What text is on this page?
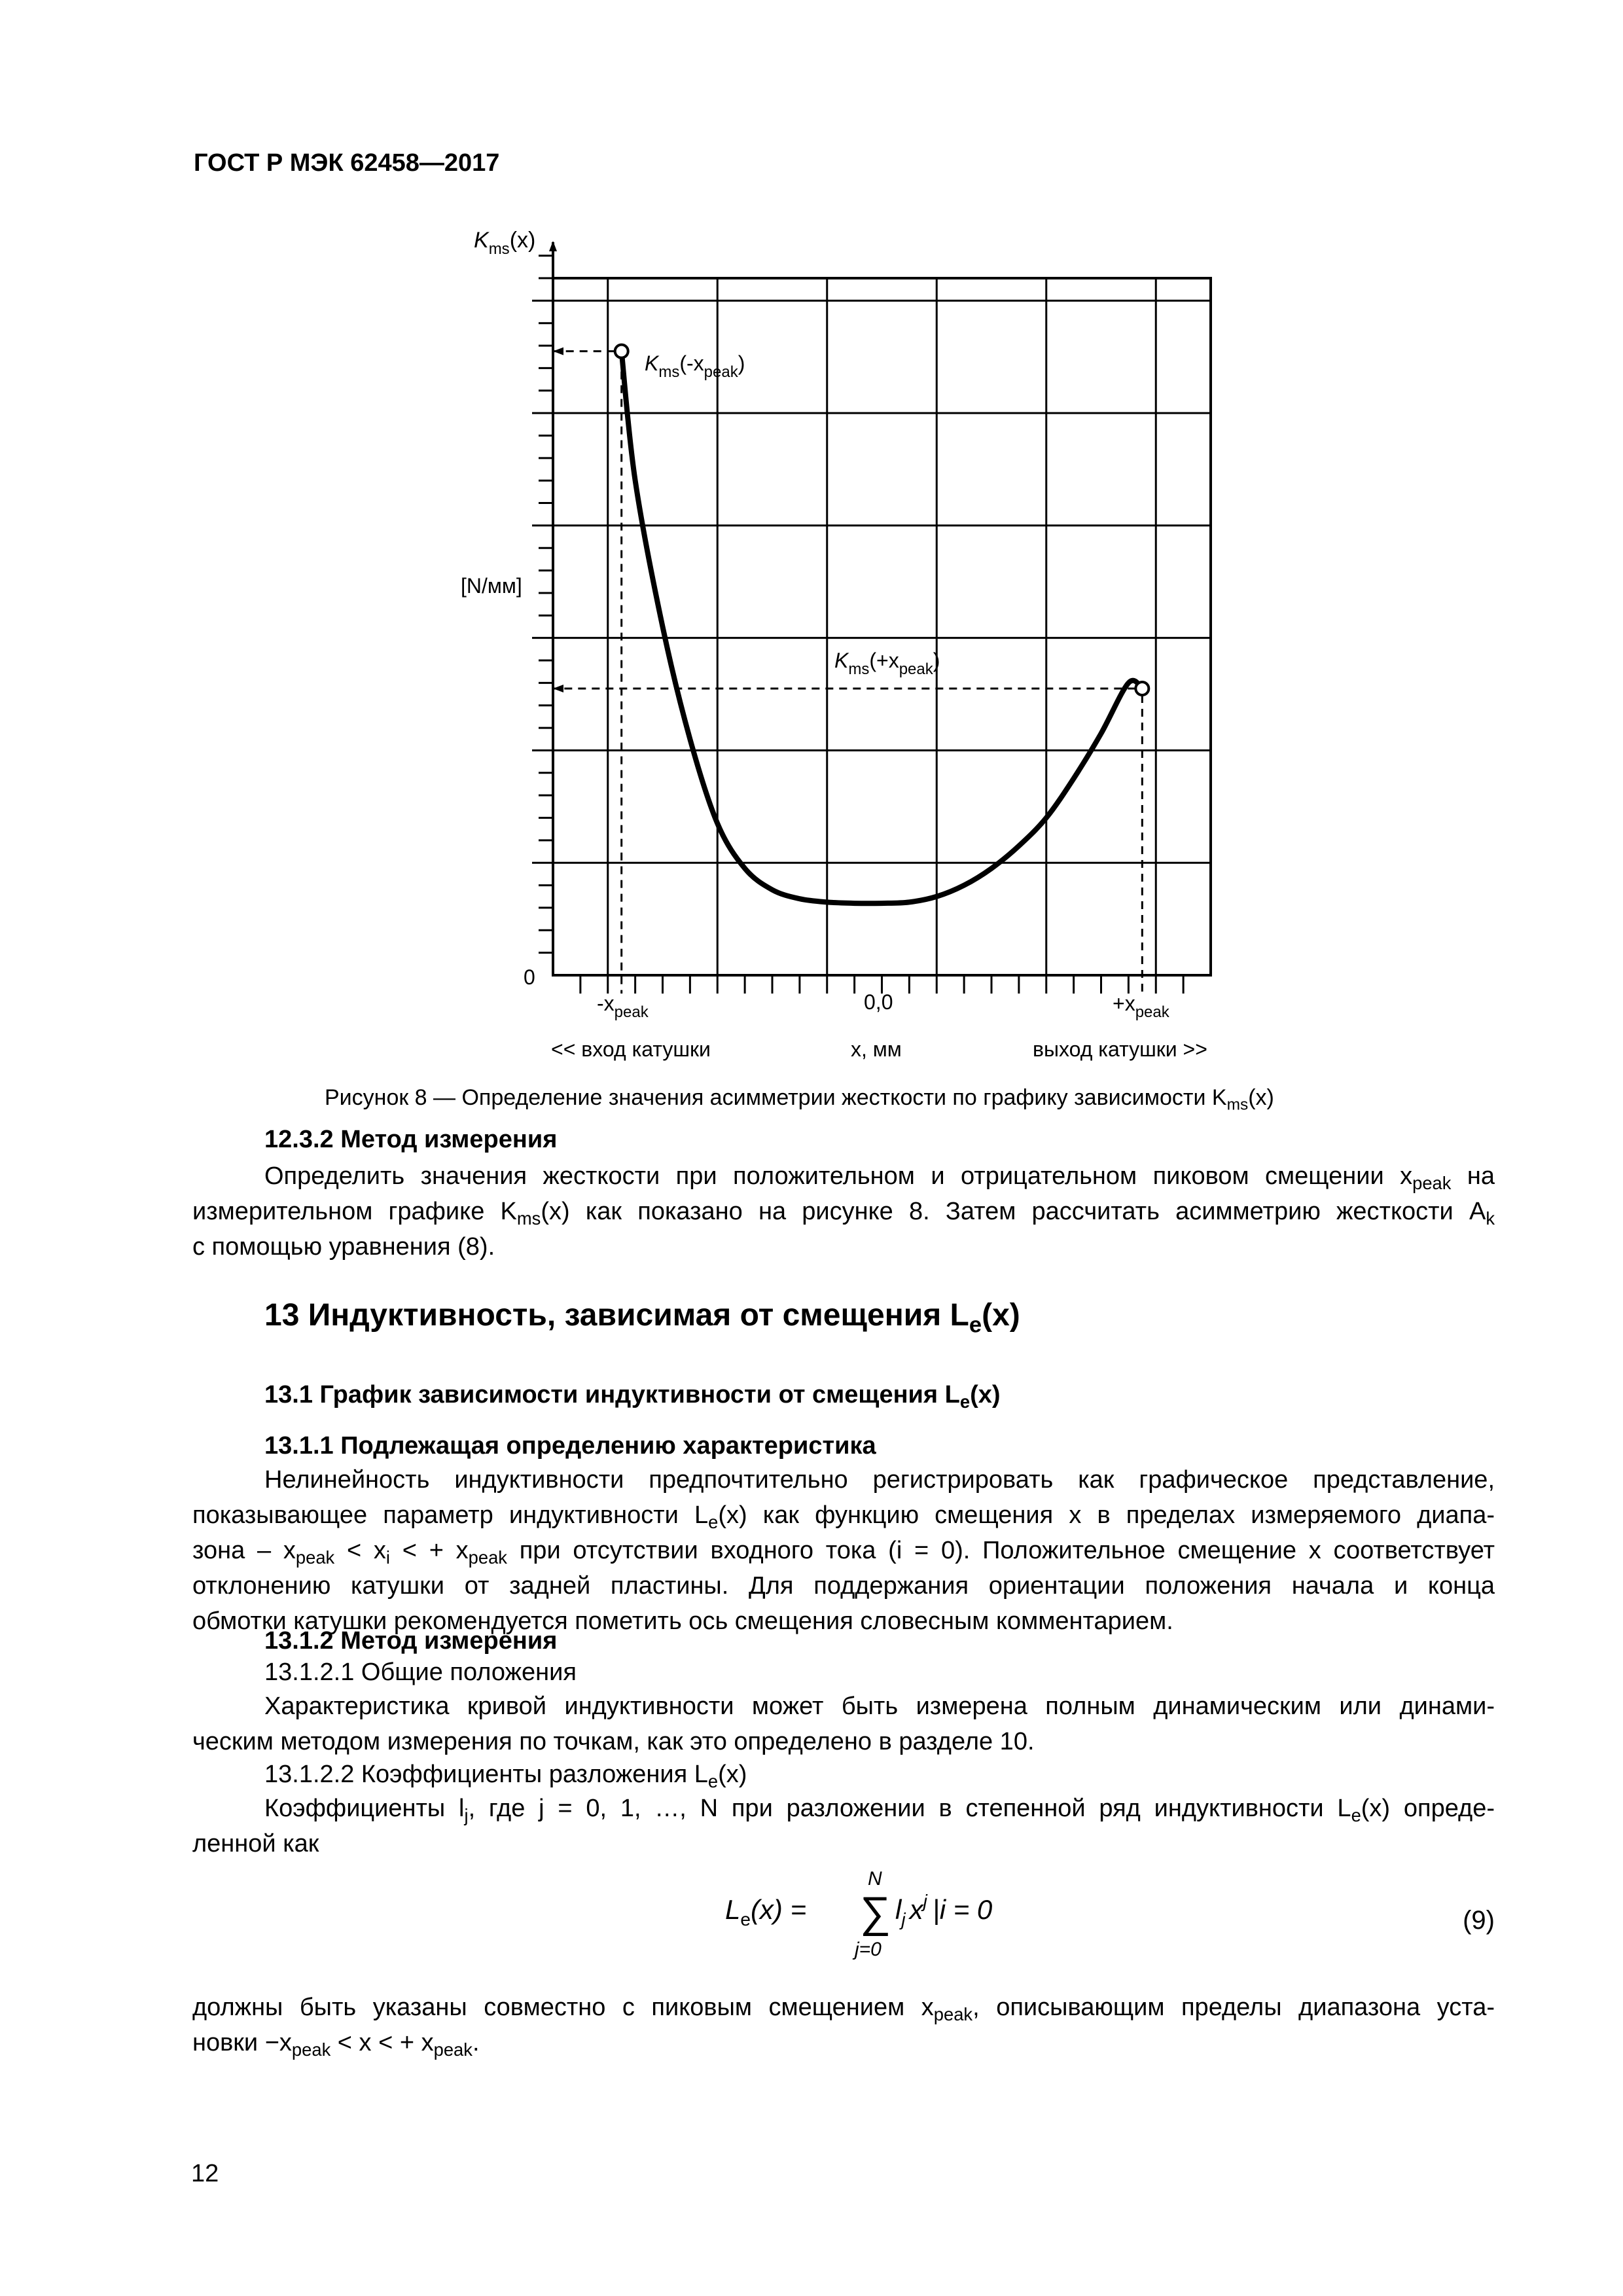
ГОСТ Р МЭК 62458—2017
$K_{ms}(x)$
[N/мм]
0
$K_{ms}(-x_{peak})$
$K_{ms}(+x_{peak})$
$-x_{peak}$	0,0	$+x_{peak}$
<< вход катушки	x, мм	выход катушки >>
Рисунок 8 — Определение значения асимметрии жесткости по графику зависимости $K_{ms}(x)$
12.3.2 Метод измерения
Определить значения жесткости при положительном и отрицательном пиковом смещении $x_{peak}$ на
измерительном графике $K_{ms}(x)$ как показано на рисунке 8. Затем рассчитать асимметрию жесткости $A_k$
с помощью уравнения (8).
13 Индуктивность, зависимая от смещения $L_e(x)$
13.1 График зависимости индуктивности от смещения $L_e(x)$
13.1.1 Подлежащая определению характеристика
Нелинейность индуктивности предпочтительно регистрировать как графическое представление,
показывающее параметр индуктивности $L_e(x)$ как функцию смещения x в пределах измеряемого диапа-
зона – $x_{peak} < x_i$ < + $x_{peak}$ при отсутствии входного тока (i = 0). Положительное смещение x соответствует
отклонению катушки от задней пластины. Для поддержания ориентации положения начала и конца
обмотки катушки рекомендуется пометить ось смещения словесным комментарием.
13.1.2 Метод измерения
13.1.2.1 Общие положения
Характеристика кривой индуктивности может быть измерена полным динамическим или динами-
ческим методом измерения по точкам, как это определено в разделе 10.
13.1.2.2 Коэффициенты разложения $L_e(x)$
Коэффициенты $l_j$, где j = 0, 1, …, N при разложении в степенной ряд индуктивности $L_e(x)$ опреде-
ленной как
$L_e(x)$ =
N
∑
j=0
$l_j$ $x^j$ |i = 0	(9)
должны быть указаны совместно с пиковым смещением $x_{peak}$, описывающим пределы диапазона уста-
новки $-x_{peak} < x$ < + $x_{peak}$.
12
